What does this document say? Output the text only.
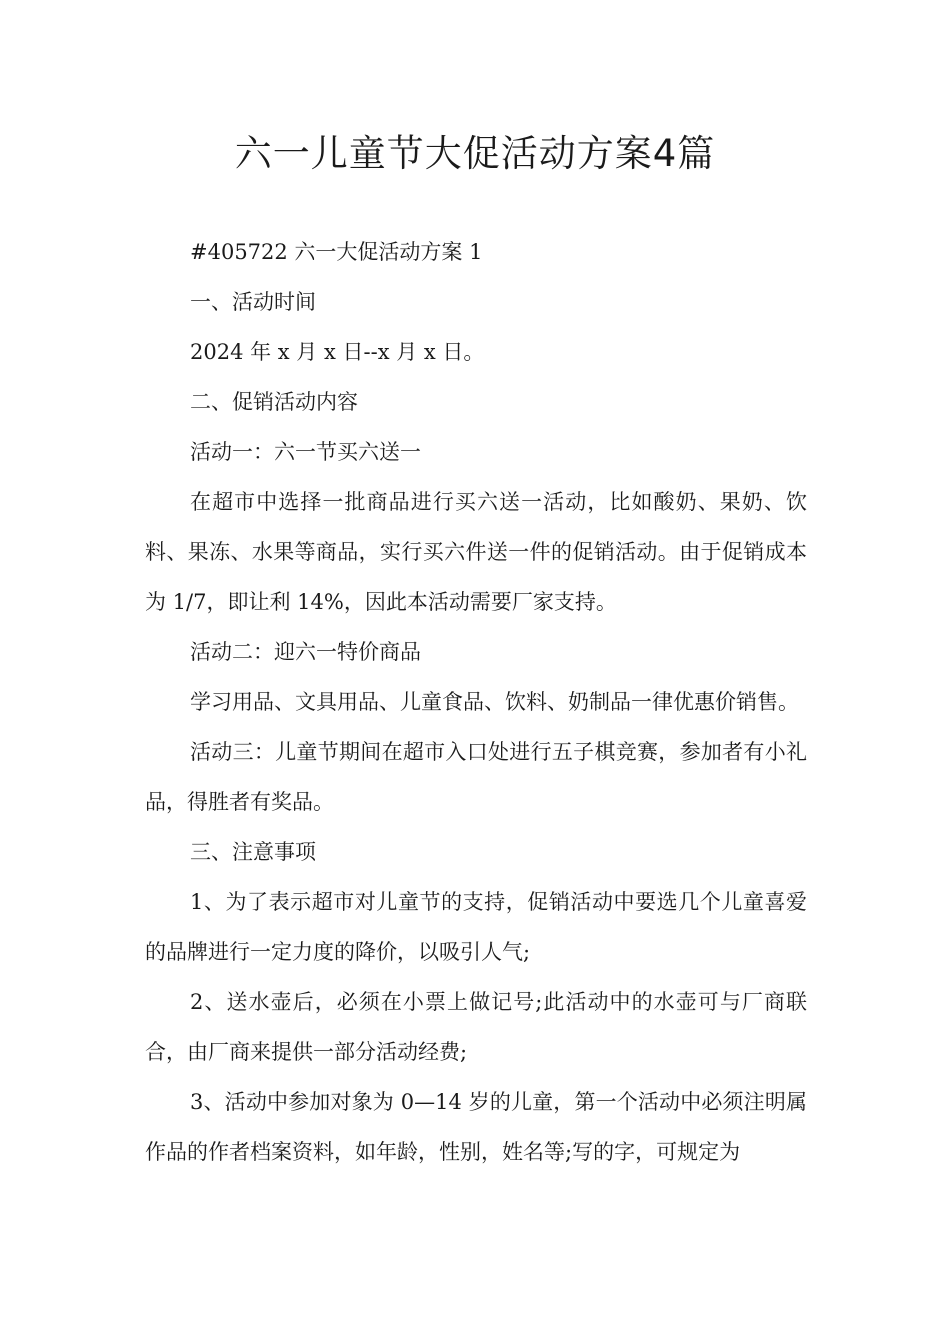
六一儿童节大促活动方案4篇

#405722 六一大促活动方案 1

一、活动时间

2024 年 x 月 x 日--x 月 x 日。

二、促销活动内容

活动一：六一节买六送一

在超市中选择一批商品进行买六送一活动，比如酸奶、果奶、饮料、果冻、水果等商品，实行买六件送一件的促销活动。由于促销成本为 1/7，即让利 14%，因此本活动需要厂家支持。

活动二：迎六一特价商品

学习用品、文具用品、儿童食品、饮料、奶制品一律优惠价销售。

活动三：儿童节期间在超市入口处进行五子棋竞赛，参加者有小礼品，得胜者有奖品。

三、注意事项

1、为了表示超市对儿童节的支持，促销活动中要选几个儿童喜爱的品牌进行一定力度的降价，以吸引人气;

2、送水壶后，必须在小票上做记号;此活动中的水壶可与厂商联合，由厂商来提供一部分活动经费;

3、活动中参加对象为 0—14 岁的儿童，第一个活动中必须注明属作品的作者档案资料，如年龄，性别，姓名等;写的字，可规定为
